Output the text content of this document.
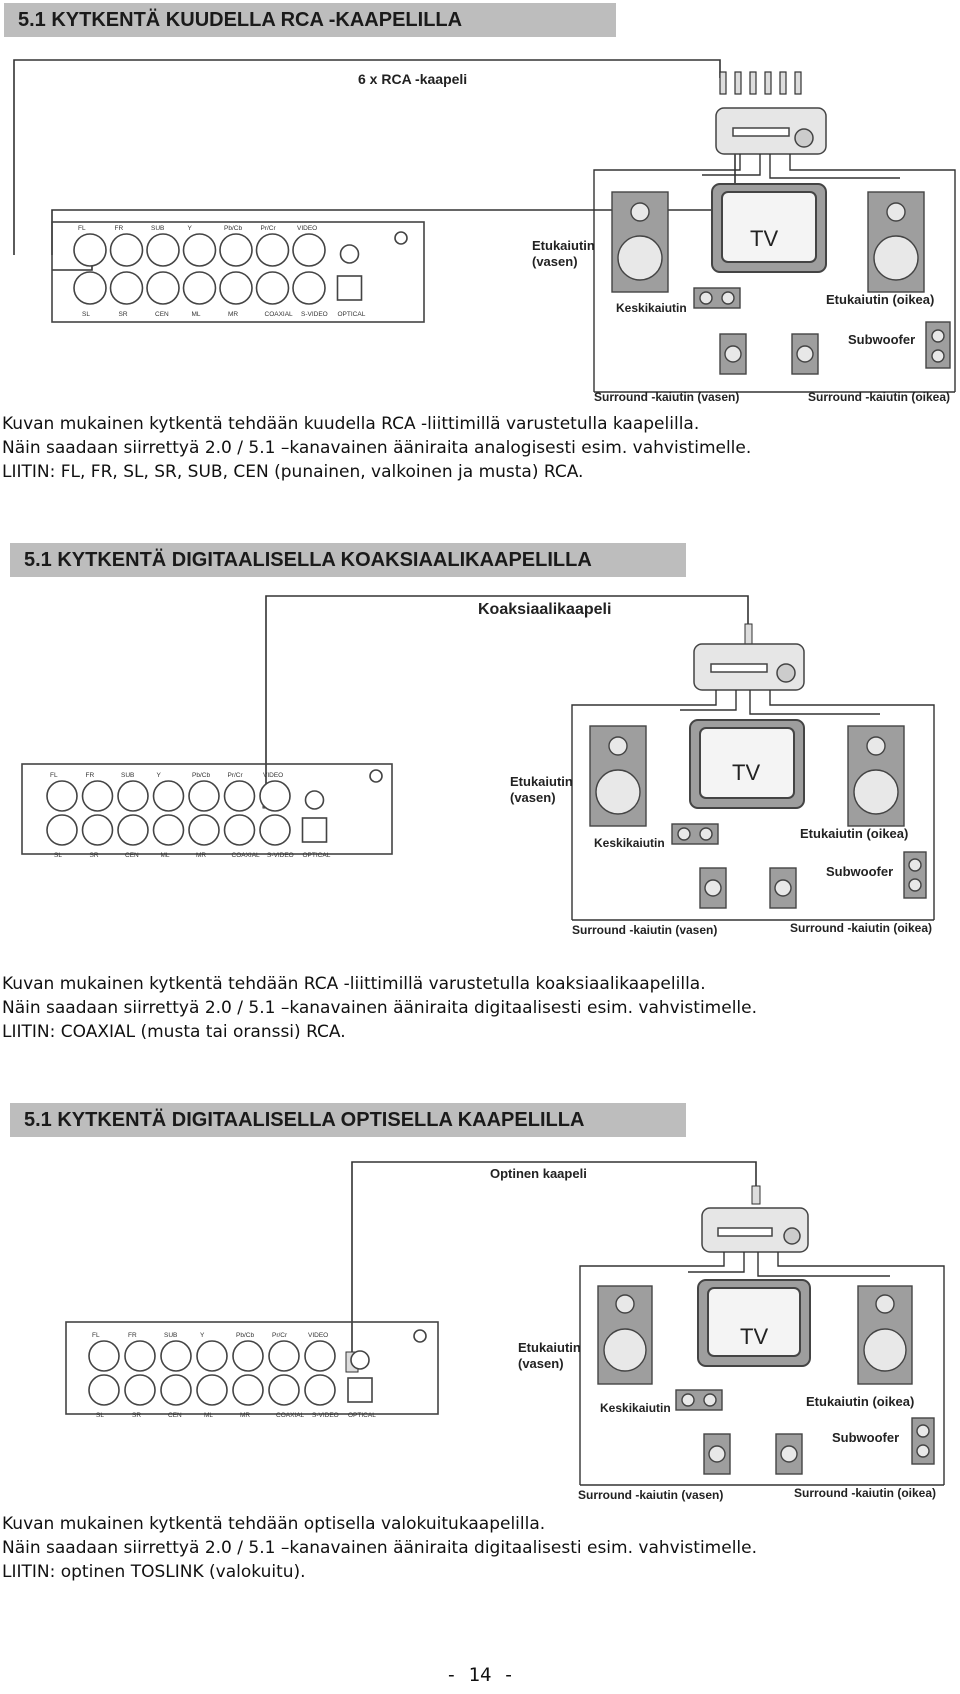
5.1 KYTKENTÄ KUUDELLA RCA -KAAPELILLA
6 x RCA -kaapeli
TV
Etukaiutin
(vasen)
Keskikaiutin
Etukaiutin (oikea)
Subwoofer
Surround -kaiutin (vasen)	Surround -kaiutin (oikea)
FL	FR	SUB	Y	Pb/Cb	Pr/Cr	VIDEO
SL	SR	CEN	ML	MR	COAXIAL S-VIDEO OPTICAL
Kuvan mukainen kytkentä tehdään kuudella RCA -liittimillä varustetulla kaapelilla.
Näin saadaan siirrettyä 2.0 / 5.1 –kanavainen ääniraita analogisesti esim. vahvistimelle.
LIITIN: FL, FR, SL, SR, SUB, CEN (punainen, valkoinen ja musta) RCA.
5.1 KYTKENTÄ DIGITAALISELLA KOAKSIAALIKAAPELILLA
Koaksiaalikaapeli
TV
Etukaiutin
(vasen)
Keskikaiutin
Etukaiutin (oikea)
Subwoofer
Surround -kaiutin (vasen)	Surround -kaiutin (oikea)
FL	FR	SUB	Y	Pb/Cb	Pr/Cr	VIDEO
SL	SR	CEN	ML	MR	COAXIAL S-VIDEO OPTICAL
Kuvan mukainen kytkentä tehdään RCA -liittimillä varustetulla koaksiaalikaapelilla.
Näin saadaan siirrettyä 2.0 / 5.1 –kanavainen ääniraita digitaalisesti esim. vahvistimelle.
LIITIN: COAXIAL (musta tai oranssi) RCA.
5.1 KYTKENTÄ DIGITAALISELLA OPTISELLA KAAPELILLA
Optinen kaapeli
TV
Etukaiutin
(vasen)
Keskikaiutin	Etukaiutin (oikea)
Subwoofer
Surround -kaiutin (vasen)	Surround -kaiutin (oikea)
FL	FR	SUB	Y	Pb/Cb	Pr/Cr	VIDEO
SL	SR	CEN	ML	MR	COAXIAL S-VIDEO OPTICAL
Kuvan mukainen kytkentä tehdään optisella valokuitukaapelilla.
Näin saadaan siirrettyä 2.0 / 5.1 –kanavainen ääniraita digitaalisesti esim. vahvistimelle.
LIITIN: optinen TOSLINK (valokuitu).
- 14 -
